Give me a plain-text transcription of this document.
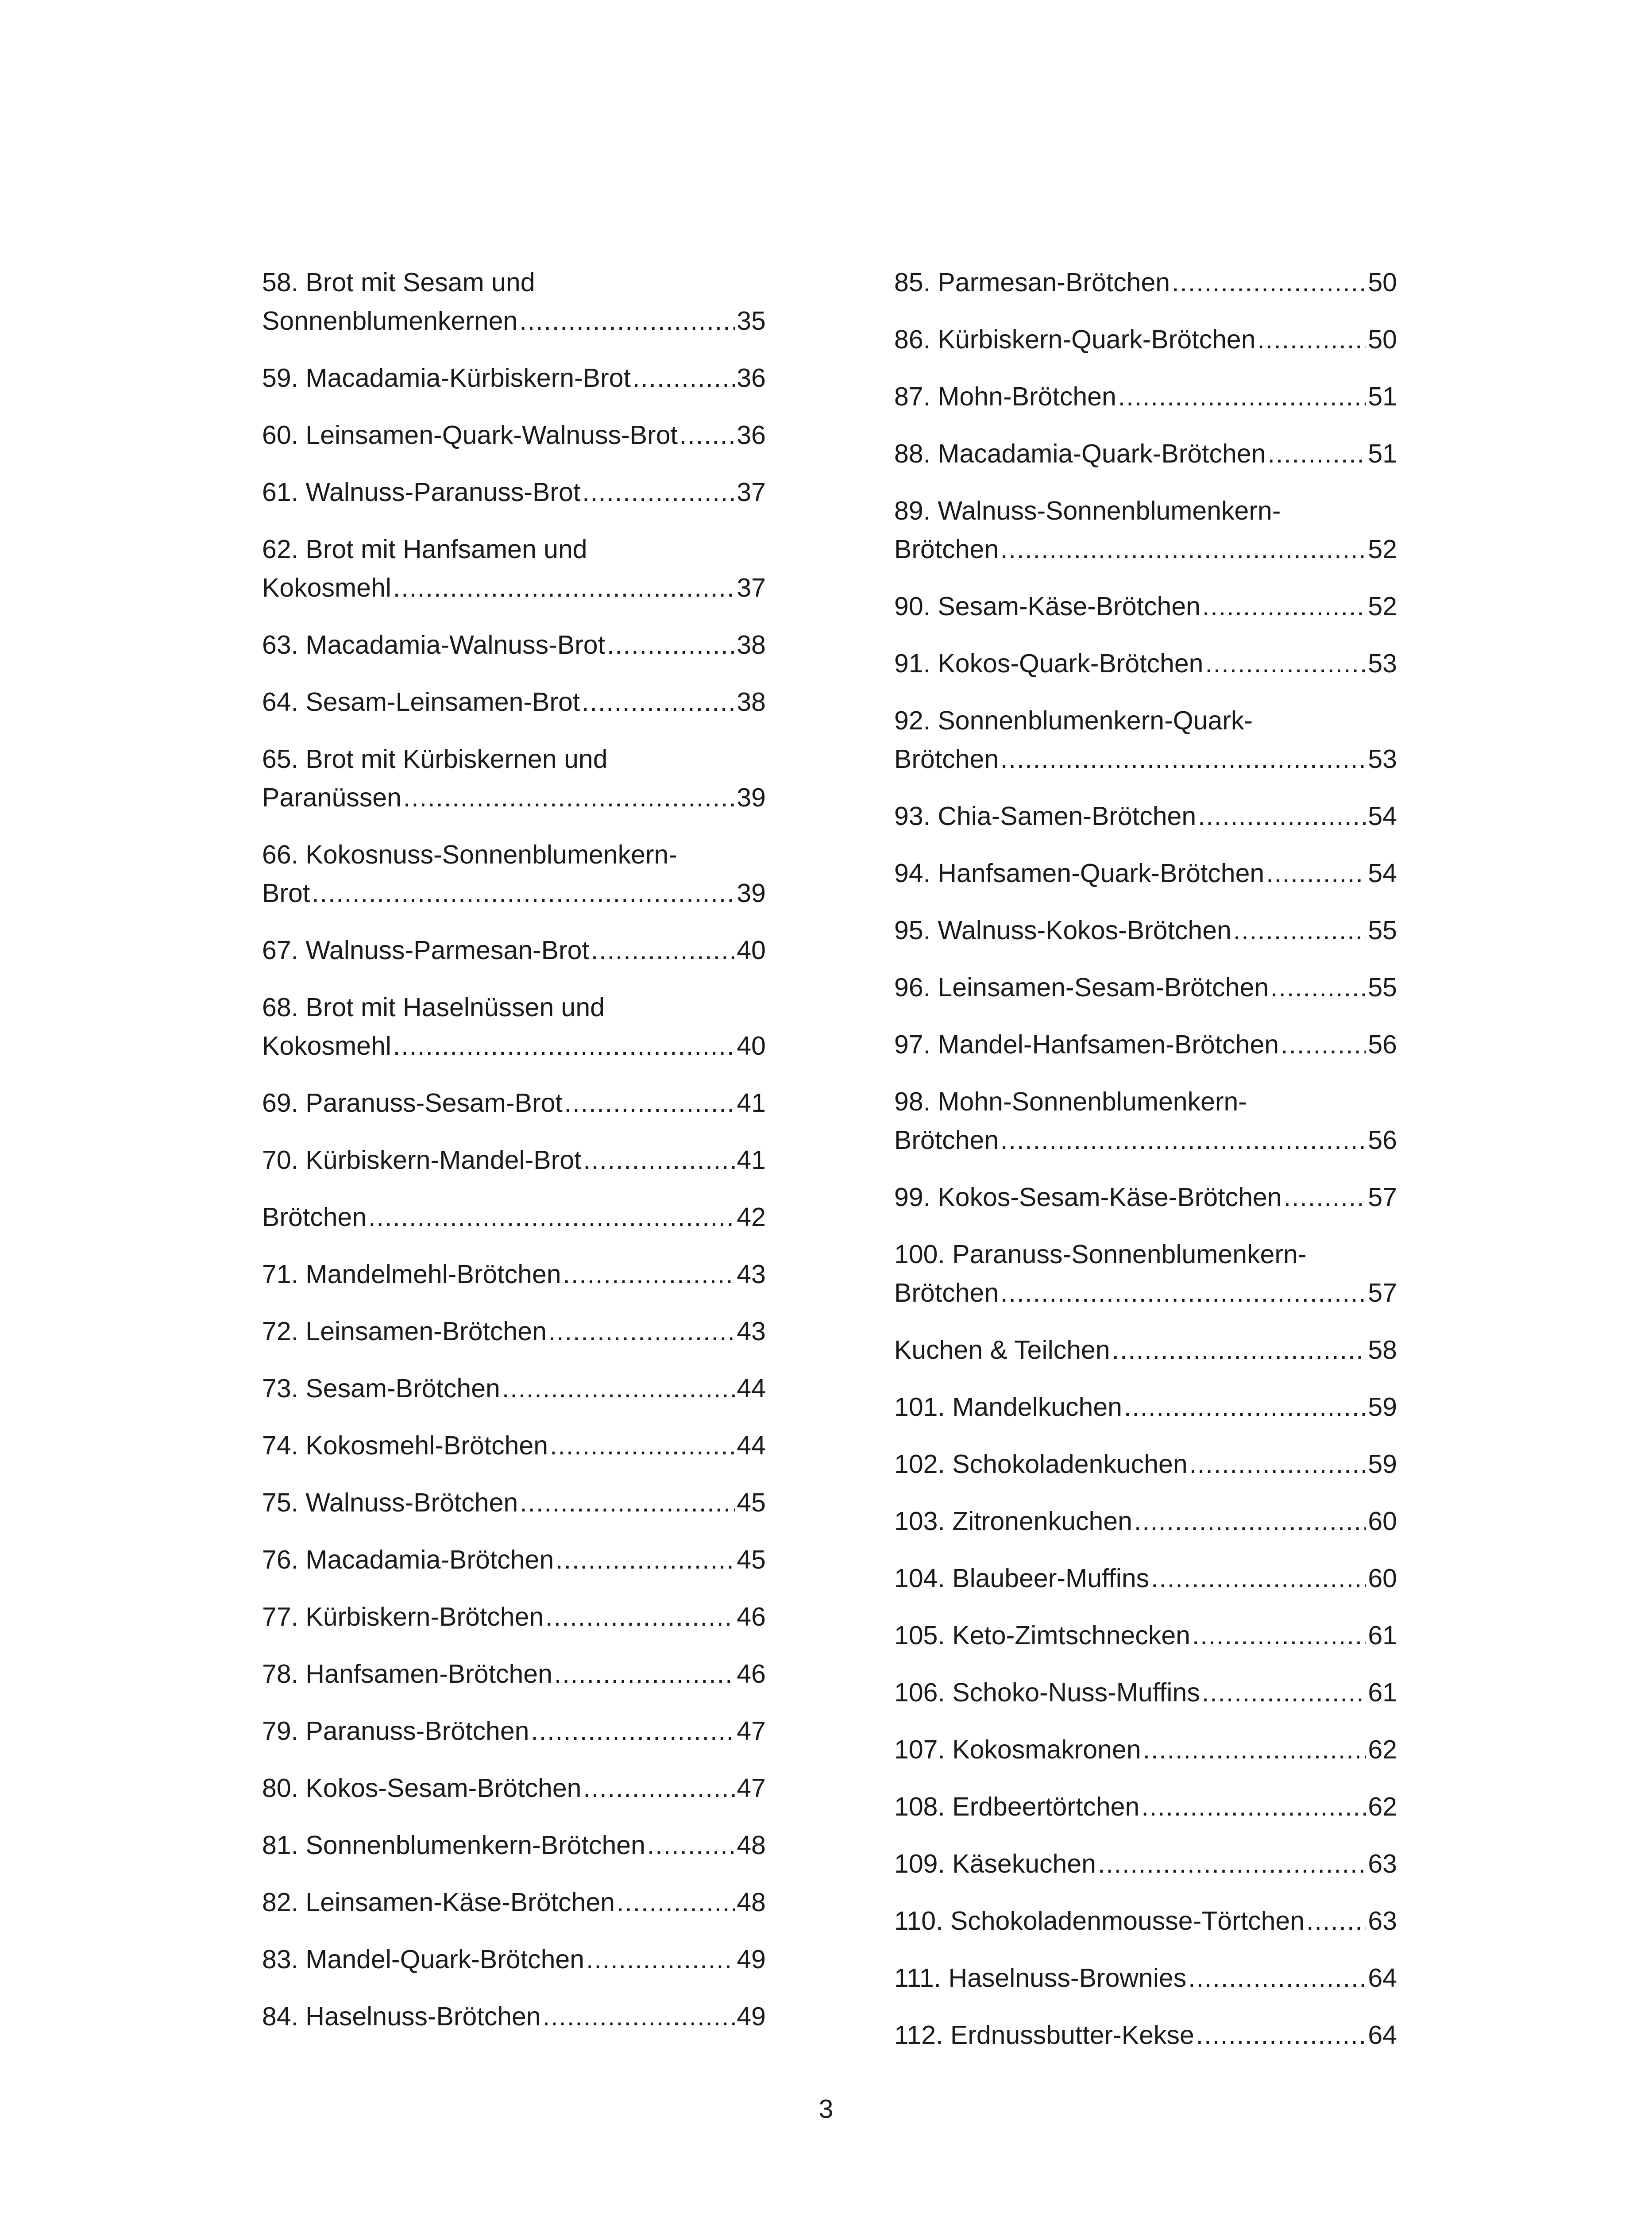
58. Brot mit Sesam und
Sonnenblumenkernen .....	35
59. Macadamia-Kürbiskern-Brot .....	36
60. Leinsamen-Quark-Walnuss-Brot ..... 36
61. Walnuss-Paranuss-Brot .....	37
62. Brot mit Hanfsamen und
Kokosmehl .....	37
63. Macadamia-Walnuss-Brot .....	38
64. Sesam-Leinsamen-Brot .....	38
65. Brot mit Kürbiskernen und
Paranüssen .....	39
66. Kokosnuss-Sonnenblumenkern-
Brot .....	39
67. Walnuss-Parmesan-Brot .....	40
68. Brot mit Haselnüssen und
Kokosmehl .....	40
69. Paranuss-Sesam-Brot .....	41
70. Kürbiskern-Mandel-Brot .....	41
Brötchen .....	42
71. Mandelmehl-Brötchen .....	43
72. Leinsamen-Brötchen .....	43
73. Sesam-Brötchen .....	44
74. Kokosmehl-Brötchen .....	44
75. Walnuss-Brötchen .....	45
76. Macadamia-Brötchen .....	45
77. Kürbiskern-Brötchen .....	46
78. Hanfsamen-Brötchen .....	46
79. Paranuss-Brötchen .....	47
80. Kokos-Sesam-Brötchen .....	47
81. Sonnenblumenkern-Brötchen .....	48
82. Leinsamen-Käse-Brötchen .....	48
83. Mandel-Quark-Brötchen .....	49
84. Haselnuss-Brötchen .....	49
85. Parmesan-Brötchen .....	50
86. Kürbiskern-Quark-Brötchen .....	50
87. Mohn-Brötchen .....	51
88. Macadamia-Quark-Brötchen .....	51
89. Walnuss-Sonnenblumenkern-
Brötchen .....	52
90. Sesam-Käse-Brötchen .....	52
91. Kokos-Quark-Brötchen .....	53
92. Sonnenblumenkern-Quark-
Brötchen .....	53
93. Chia-Samen-Brötchen .....	54
94. Hanfsamen-Quark-Brötchen .....	54
95. Walnuss-Kokos-Brötchen .....	55
96. Leinsamen-Sesam-Brötchen .....	55
97. Mandel-Hanfsamen-Brötchen .....	56
98. Mohn-Sonnenblumenkern-
Brötchen .....	56
99. Kokos-Sesam-Käse-Brötchen .....	57
100. Paranuss-Sonnenblumenkern-
Brötchen .....	57
Kuchen & Teilchen .....	58
101. Mandelkuchen .....	59
102. Schokoladenkuchen .....	59
103. Zitronenkuchen .....	60
104. Blaubeer-Muffins .....	60
105. Keto-Zimtschnecken .....	61
106. Schoko-Nuss-Muffins .....	61
107. Kokosmakronen .....	62
108. Erdbeertörtchen .....	62
109. Käsekuchen .....	63
110. Schokoladenmousse-Törtchen ..... 63
111. Haselnuss-Brownies .....	64
112. Erdnussbutter-Kekse .....	64
3
